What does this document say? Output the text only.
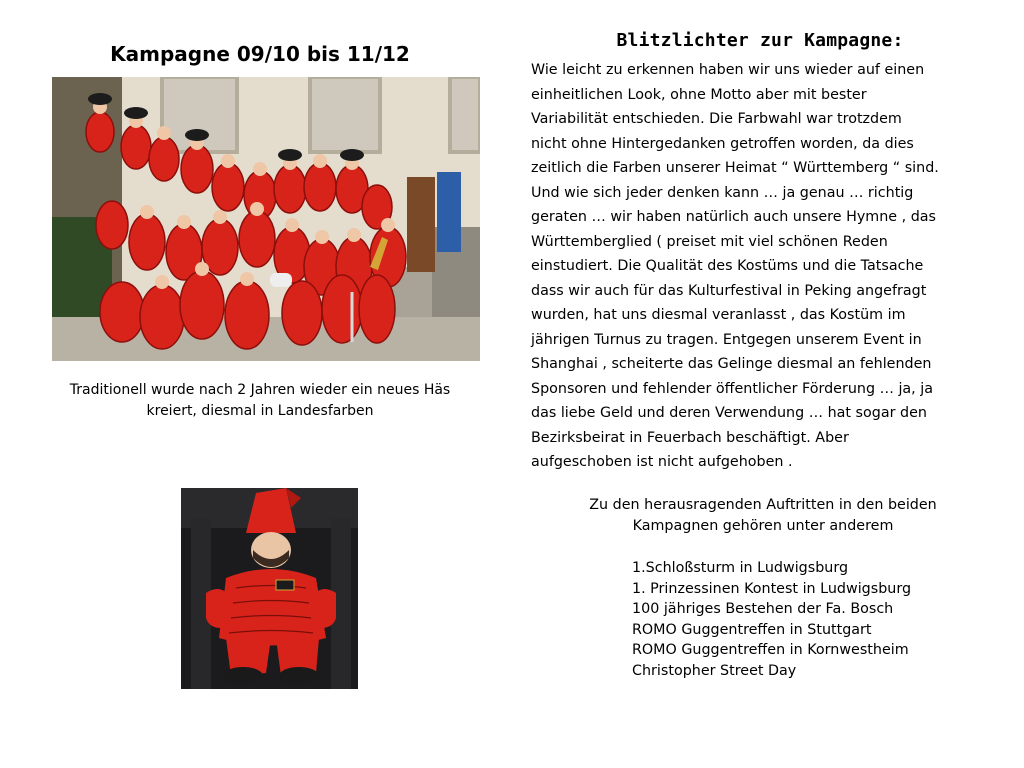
Kampagne 09/10 bis 11/12
Traditionell wurde nach 2 Jahren wieder ein neues Häs
kreiert, diesmal in Landesfarben
Blitzlichter zur Kampagne:
Wie leicht zu erkennen haben wir uns wieder auf einen
einheitlichen Look, ohne Motto aber mit bester
Variabilität entschieden. Die Farbwahl war trotzdem
nicht ohne Hintergedanken getroffen worden, da dies
zeitlich die Farben unserer Heimat “ Württemberg “ sind.
Und wie sich jeder denken kann … ja genau … richtig
geraten … wir haben natürlich auch unsere Hymne , das
Württemberglied ( preiset mit viel schönen Reden
einstudiert. Die Qualität des Kostüms und die Tatsache
dass wir auch für das Kulturfestival in Peking angefragt
wurden, hat uns diesmal veranlasst , das Kostüm im
jährigen Turnus zu tragen. Entgegen unserem Event in
Shanghai , scheiterte das Gelinge diesmal an fehlenden
Sponsoren und fehlender öffentlicher Förderung … ja, ja
das liebe Geld und deren Verwendung … hat sogar den
Bezirksbeirat in Feuerbach beschäftigt. Aber
aufgeschoben ist nicht aufgehoben .
Zu den herausragenden Auftritten in den beiden
Kampagnen gehören unter anderem
1.Schloßsturm in Ludwigsburg
1. Prinzessinen Kontest in Ludwigsburg
100 jähriges Bestehen der Fa. Bosch
ROMO Guggentreffen in Stuttgart
ROMO Guggentreffen in Kornwestheim
Christopher Street Day
